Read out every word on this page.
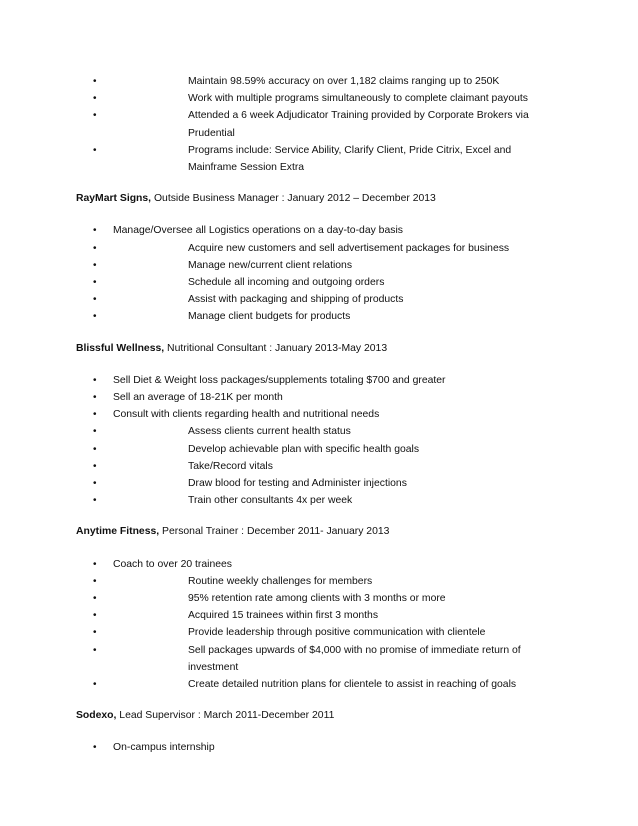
•	Maintain 98.59% accuracy on over 1,182 claims ranging up to 250K
•	Work with multiple programs simultaneously to complete claimant payouts
•	Attended a 6 week Adjudicator Training provided by Corporate Brokers via
Prudential
•	Programs include: Service Ability, Clarify Client, Pride Citrix, Excel and
Mainframe Session Extra
RayMart Signs, Outside Business Manager : January 2012 – December 2013
• Manage/Oversee all Logistics operations on a day-to-day basis
•	Acquire new customers and sell advertisement packages for business
•	Manage new/current client relations
•	Schedule all incoming and outgoing orders
•	Assist with packaging and shipping of products
•	Manage client budgets for products
Blissful Wellness, Nutritional Consultant : January 2013-May 2013
• Sell Diet & Weight loss packages/supplements totaling $700 and greater
• Sell an average of 18-21K per month
• Consult with clients regarding health and nutritional needs
•	Assess clients current health status
•	Develop achievable plan with specific health goals
•	Take/Record vitals
•	Draw blood for testing and Administer injections
•	Train other consultants 4x per week
Anytime Fitness, Personal Trainer : December 2011- January 2013
• Coach to over 20 trainees
•	Routine weekly challenges for members
•	95% retention rate among clients with 3 months or more
•	Acquired 15 trainees within first 3 months
•	Provide leadership through positive communication with clientele
•	Sell packages upwards of $4,000 with no promise of immediate return of
investment
•	Create detailed nutrition plans for clientele to assist in reaching of goals
Sodexo, Lead Supervisor : March 2011-December 2011
• On-campus internship
